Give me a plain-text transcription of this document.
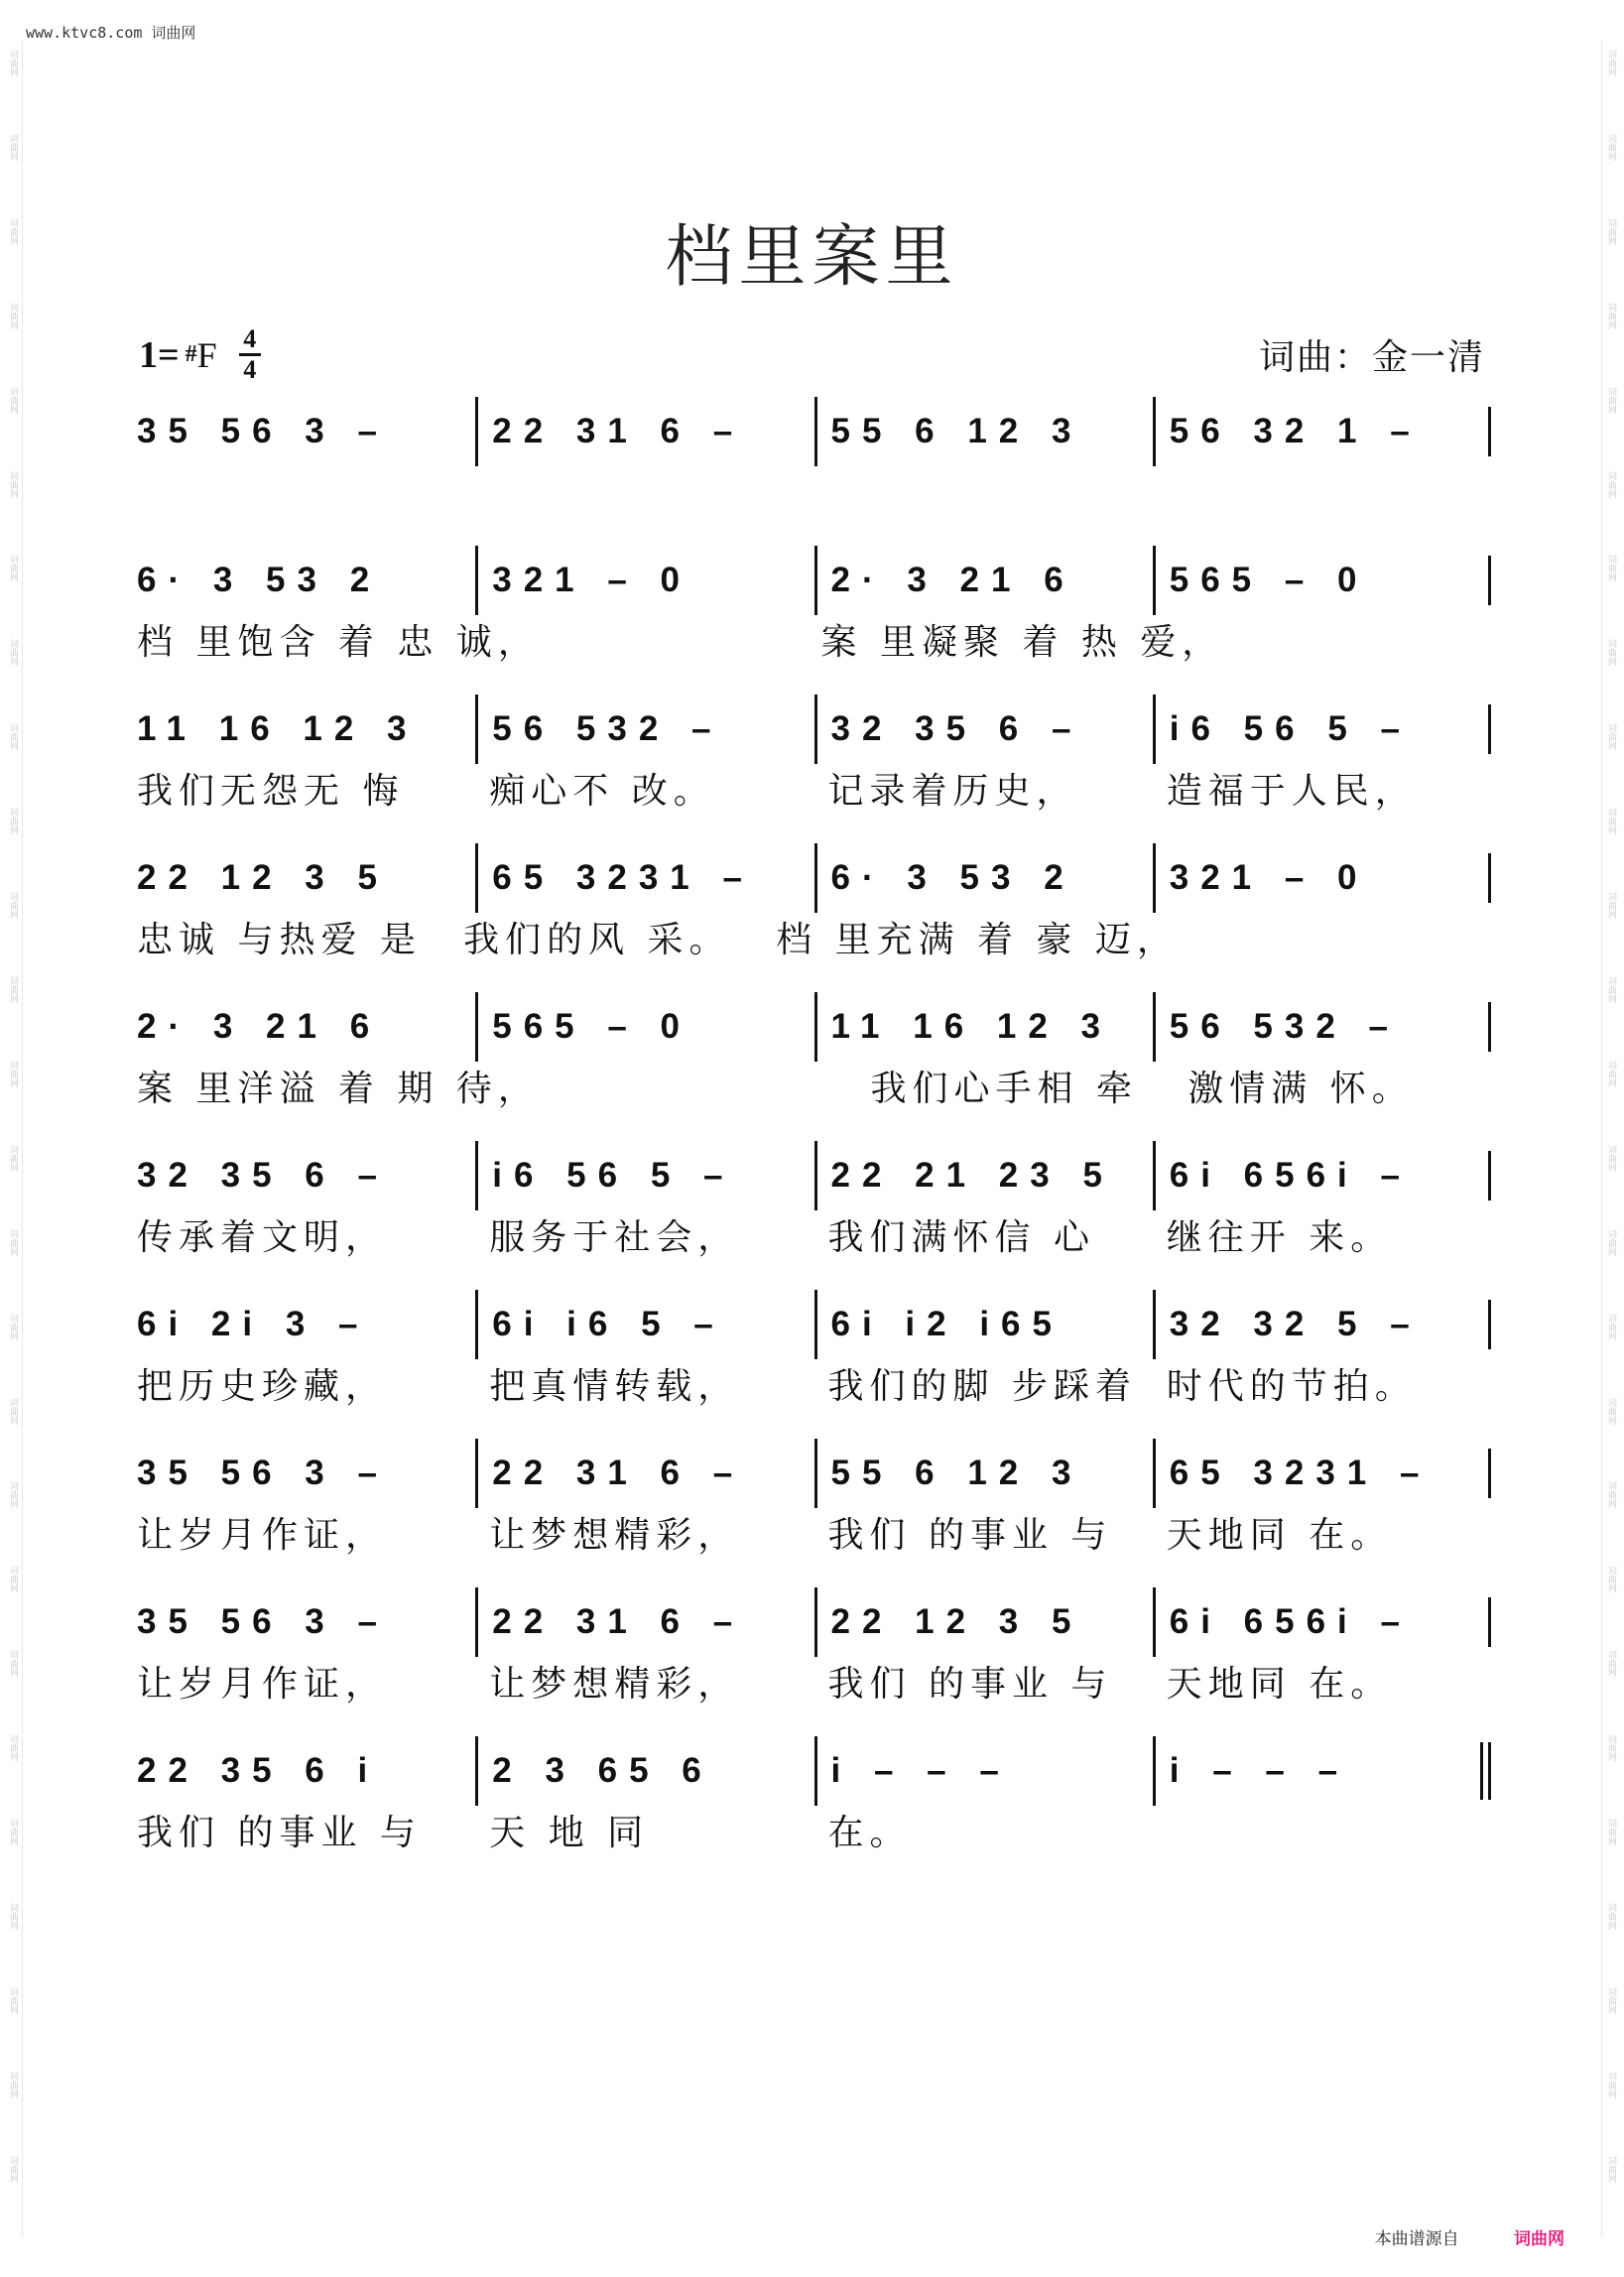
www.ktvc8.com 词曲网
词曲网
词曲网
词曲网
词曲网
词曲网
词曲网
词曲网
词曲网
词曲网
词曲网
词曲网
词曲网
词曲网
词曲网
词曲网
词曲网
词曲网
词曲网
词曲网
词曲网
词曲网
词曲网
词曲网
词曲网
词曲网
词曲网
词曲网
词曲网
词曲网
词曲网
词曲网
词曲网
词曲网
词曲网
词曲网
词曲网
词曲网
词曲网
词曲网
词曲网
词曲网
词曲网
词曲网
词曲网
词曲网
词曲网
词曲网
词曲网
词曲网
词曲网
词曲网
词曲网
档里案里
1= # F 4
4	词曲：金一清
35 56 3 –	22 31 6 –	55 6 12 3	56 32 1 –
6· 3 53 2	321 – 0	2· 3 21 6	565 – 0
档 里饱含 着 忠 诚，	案 里凝聚 着 热 爱，
11 16 12 3	56 532 –	32 35 6 –	i6 56 5 –
我们无怨无 悔	痴心不 改。	记录着历史，	造福于人民，
22 12 3 5	65 3231 –	6· 3 53 2	321 – 0
忠诚 与热爱 是	我们的风 采。	档 里充满 着 豪 迈，
2· 3 21 6	565 – 0	11 16 12 3	56 532 –
案 里洋溢 着 期 待，	我们心手相 牵	激情满 怀。
32 35 6 –	i6 56 5 –	22 21 23 5	6i 656i –
传承着文明，	服务于社会，	我们满怀信 心	继往开 来。
6i 2i 3 –	6i i6 5 –	6i i2 i65	32 32 5 –
把历史珍藏，	把真情转载，	我们的脚 步踩着 时代的节拍。
35 56 3 –	22 31 6 –	55 6 12 3	65 3231 –
让岁月作证，	让梦想精彩，	我们 的事业 与	天地同 在。
35 56 3 –	22 31 6 –	22 12 3 5	6i 656i –
让岁月作证，	让梦想精彩，	我们 的事业 与	天地同 在。
22 35 6 i	2 3 65 6	i – – –	i – – –
我们 的事业 与	天 地 同	在。
本曲谱源自	词曲网
